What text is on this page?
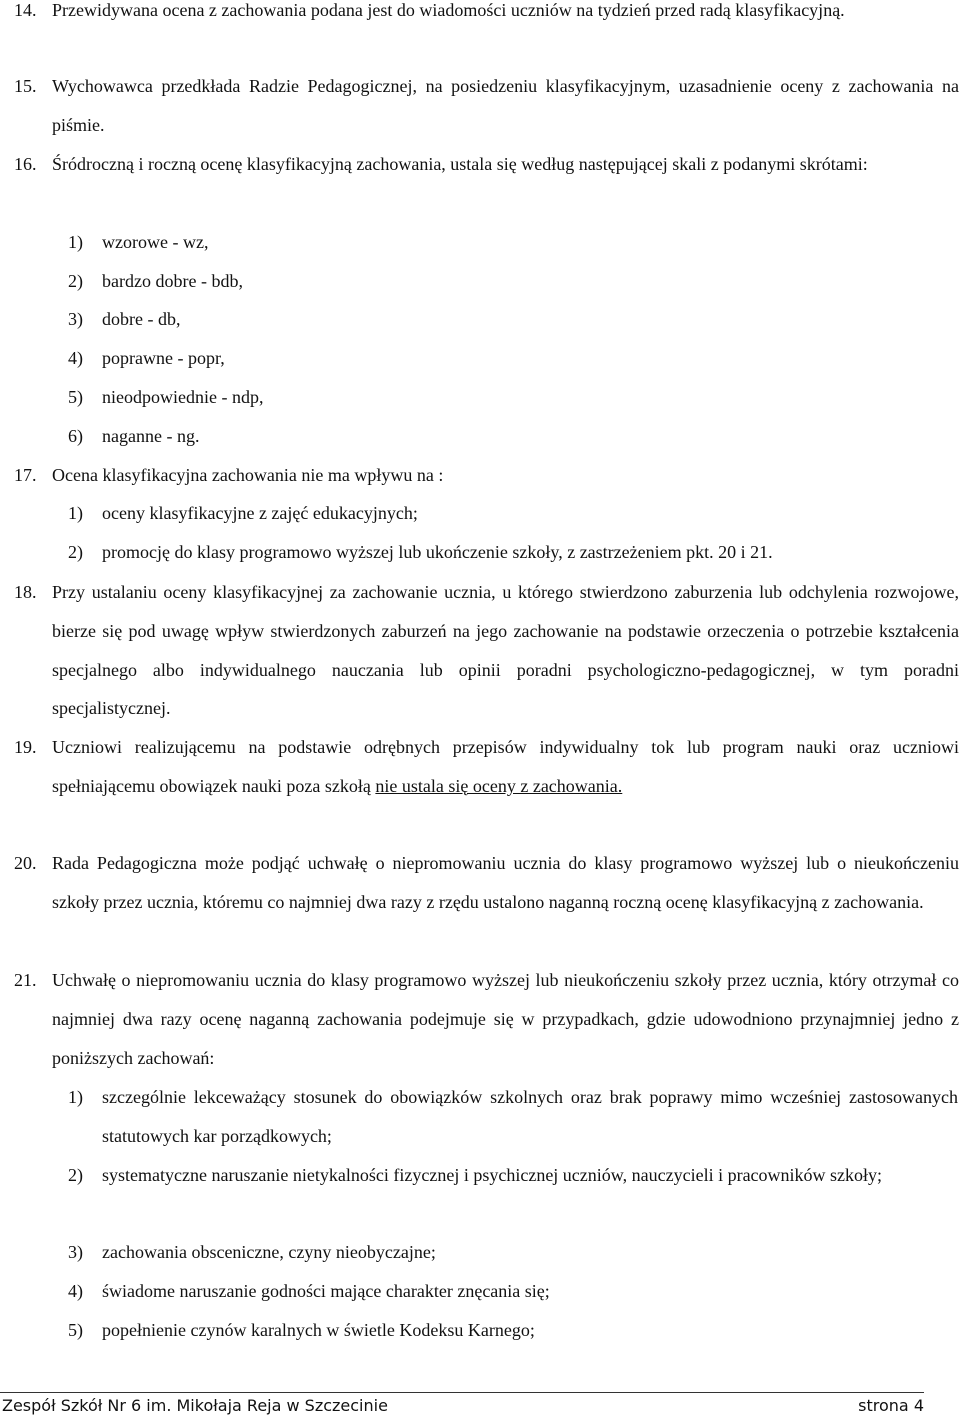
14. Przewidywana ocena z zachowania podana jest do wiadomości uczniów na tydzień przed radą klasyfikacyjną.
15. Wychowawca przedkłada Radzie Pedagogicznej, na posiedzeniu klasyfikacyjnym, uzasadnienie oceny z zachowania na piśmie.
16. Śródroczną i roczną ocenę klasyfikacyjną zachowania, ustala się według następującej skali z podanymi skrótami:
1) wzorowe - wz,
2) bardzo dobre - bdb,
3) dobre - db,
4) poprawne - popr,
5) nieodpowiednie - ndp,
6) naganne - ng.
17. Ocena klasyfikacyjna zachowania nie ma wpływu na :
1) oceny klasyfikacyjne z zajęć edukacyjnych;
2) promocję do klasy programowo wyższej lub ukończenie szkoły, z zastrzeżeniem pkt. 20 i 21.
18. Przy ustalaniu oceny klasyfikacyjnej za zachowanie ucznia, u którego stwierdzono zaburzenia lub odchylenia rozwojowe, bierze się pod uwagę wpływ stwierdzonych zaburzeń na jego zachowanie na podstawie orzeczenia o potrzebie kształcenia specjalnego albo indywidualnego nauczania lub opinii poradni psychologiczno-pedagogicznej, w tym poradni specjalistycznej.
19. Uczniowi realizującemu na podstawie odrębnych przepisów indywidualny tok lub program nauki oraz uczniowi spełniającemu obowiązek nauki poza szkołą nie ustala się oceny z zachowania.
20. Rada Pedagogiczna może podjąć uchwałę o niepromowaniu ucznia do klasy programowo wyższej lub o nieukończeniu szkoły przez ucznia, któremu co najmniej dwa razy z rzędu ustalono naganną roczną ocenę klasyfikacyjną z zachowania.
21. Uchwałę o niepromowaniu ucznia do klasy programowo wyższej lub nieukończeniu szkoły przez ucznia, który otrzymał co najmniej dwa razy ocenę naganną zachowania podejmuje się w przypadkach, gdzie udowodniono przynajmniej jedno z poniższych zachowań:
1) szczególnie lekceważący stosunek do obowiązków szkolnych oraz brak poprawy mimo wcześniej zastosowanych statutowych kar porządkowych;
2) systematyczne naruszanie nietykalności fizycznej i psychicznej uczniów, nauczycieli i pracowników szkoły;
3) zachowania obsceniczne, czyny nieobyczajne;
4) świadome naruszanie godności mające charakter znęcania się;
5) popełnienie czynów karalnych w świetle Kodeksu Karnego;
Zespół Szkół Nr 6 im. Mikołaja Reja w Szczecinie	strona 4
